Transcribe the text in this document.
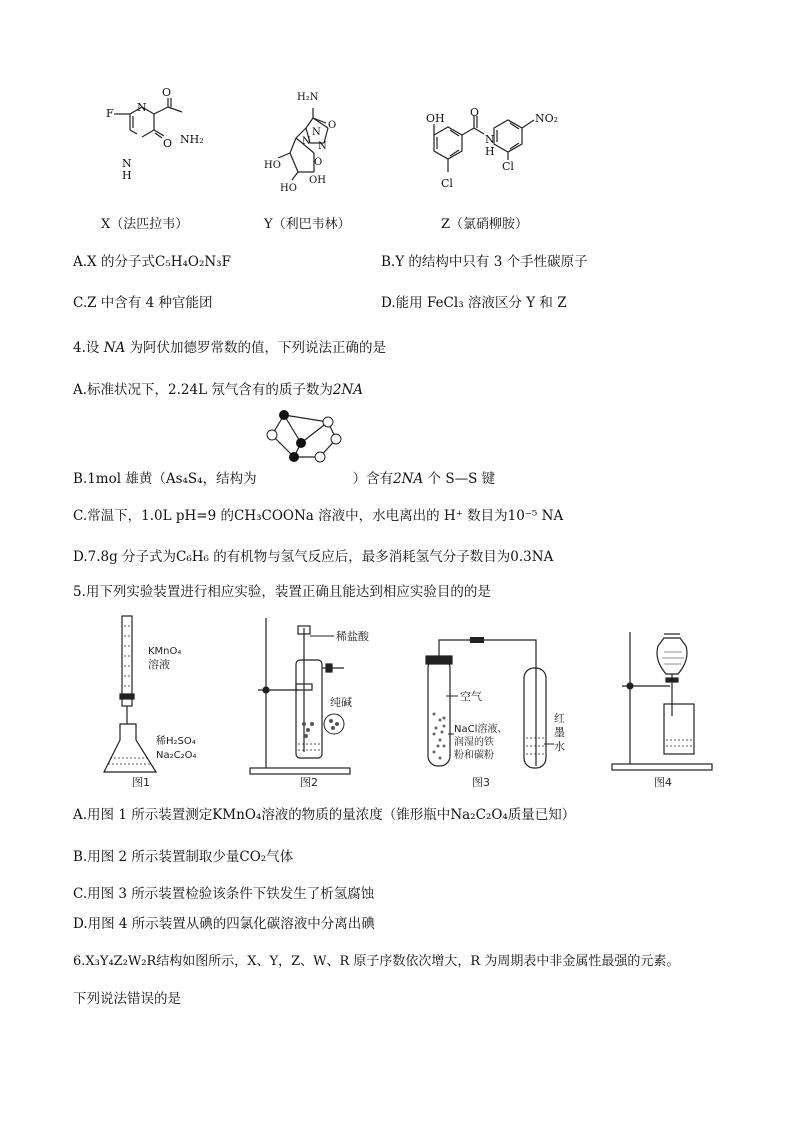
F N
N
H
O
O
NH₂
X（法匹拉韦）
H₂N
O
N
N N
HO	O
HO
OH
Y（利巴韦林）
OH O
N
H
NO₂
Cl
Cl
Z（氯硝柳胺）
A.X 的分子式C₅H₄O₂N₃F	B.Y 的结构中只有 3 个手性碳原子
C.Z 中含有 4 种官能团	D.能用 FeCl₃ 溶液区分 Y 和 Z
4.设 NA 为阿伏加德罗常数的值，下列说法正确的是
A.标准状况下，2.24L 氖气含有的质子数为2NA
B.1mol 雄黄（As₄S₄，结构为	）含有2NA 个 S—S 键
C.常温下，1.0L pH=9 的CH₃COONa 溶液中，水电离出的 H⁺ 数目为10⁻⁵ NA
D.7.8g 分子式为C₆H₆ 的有机物与氢气反应后，最多消耗氢气分子数目为0.3NA
5.用下列实验装置进行相应实验，装置正确且能达到相应实验目的的是
KMnO₄
溶液
稀H₂SO₄
Na₂C₂O₄
图1
稀盐酸
纯碱
图2
空气
NaCl溶液、
润湿的铁
粉和碳粉
红
墨
水
图3	图4
A.用图 1 所示装置测定KMnO₄溶液的物质的量浓度（锥形瓶中Na₂C₂O₄质量已知）
B.用图 2 所示装置制取少量CO₂气体
C.用图 3 所示装置检验该条件下铁发生了析氢腐蚀
D.用图 4 所示装置从碘的四氯化碳溶液中分离出碘
6.X₃Y₄Z₂W₂R结构如图所示，X、Y，Z、W、R 原子序数依次增大，R 为周期表中非金属性最强的元素。
下列说法错误的是
